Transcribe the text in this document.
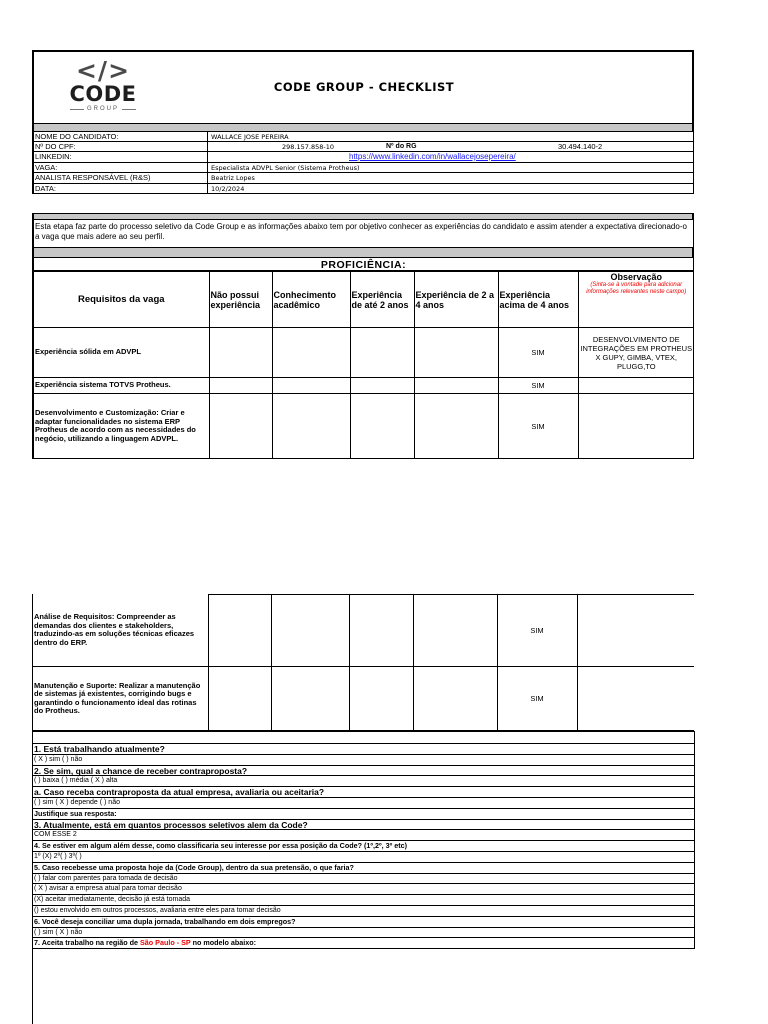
</>
CODE
GROUP
CODE GROUP - CHECKLIST
NOME DO CANDIDATO:	WALLACE JOSE PEREIRA
Nº DO CPF:	298.157.858-10	Nº do RG	30.494.140-2
LINKEDIN:	https://www.linkedin.com/in/wallacejosepereira/
VAGA:	Especialista ADVPL Senior (Sistema Protheus)
ANALISTA RESPONSÁVEL (R&S)	Beatriz Lopes
DATA:	10/2/2024
Esta etapa faz parte do processo seletivo da Code Group e as informações abaixo tem por objetivo conhecer as experiências do candidato e assim atender a expectativa direcionado-o a vaga que mais adere ao seu perfil.
PROFICIÊNCIA:
Requisitos da vaga	Não possui experiência	Conhecimento acadêmico	Experiência de até 2 anos	Experiência de 2 a 4 anos	Experiência acima de 4 anos	Observação
(Sinta-se à vontade para adicionar informações relevantes neste campo)

Experiência sólida em ADVPL					SIM	DESENVOLVIMENTO DE INTEGRAÇÕES EM PROTHEUS X GUPY, GIMBA, VTEX, PLUGG,TO
Experiência sistema TOTVS Protheus.					SIM	
Desenvolvimento e Customização: Criar e adaptar funcionalidades no sistema ERP Protheus de acordo com as necessidades do negócio, utilizando a linguagem ADVPL.					SIM	
Análise de Requisitos: Compreender as demandas dos clientes e stakeholders, traduzindo-as em soluções técnicas eficazes dentro do ERP.					SIM	
Manutenção e Suporte: Realizar a manutenção de sistemas já existentes, corrigindo bugs e garantindo o funcionamento ideal das rotinas do Protheus.					SIM	
1. Está trabalhando atualmente?
( X ) sim ( ) não
2. Se sim, qual a chance de receber contraproposta?
( ) baixa ( ) média ( X ) alta
a. Caso receba contraproposta da atual empresa, avaliaria ou aceitaria?
( ) sim ( X ) depende ( ) não
Justifique sua resposta:
3. Atualmente, está em quantos processos seletivos alem da Code?
COM ESSE 2
4. Se estiver em algum além desse, como classificaria seu interesse por essa posição da Code? (1º,2º, 3º etc)
1º (X) 2º( ) 3º( )
5. Caso recebesse uma proposta hoje da (Code Group), dentro da sua pretensão, o que faria?
( ) falar com parentes para tomada de decisão
( X ) avisar a empresa atual para tomar decisão
(X) aceitar imediatamente, decisão já está tomada
() estou envolvido em outros processos, avaliaria entre eles para tomar decisão
6. Você deseja conciliar uma dupla jornada, trabalhando em dois empregos?
( ) sim ( X ) não
7. Aceita trabalho na região de São Paulo - SP no modelo abaixo:
